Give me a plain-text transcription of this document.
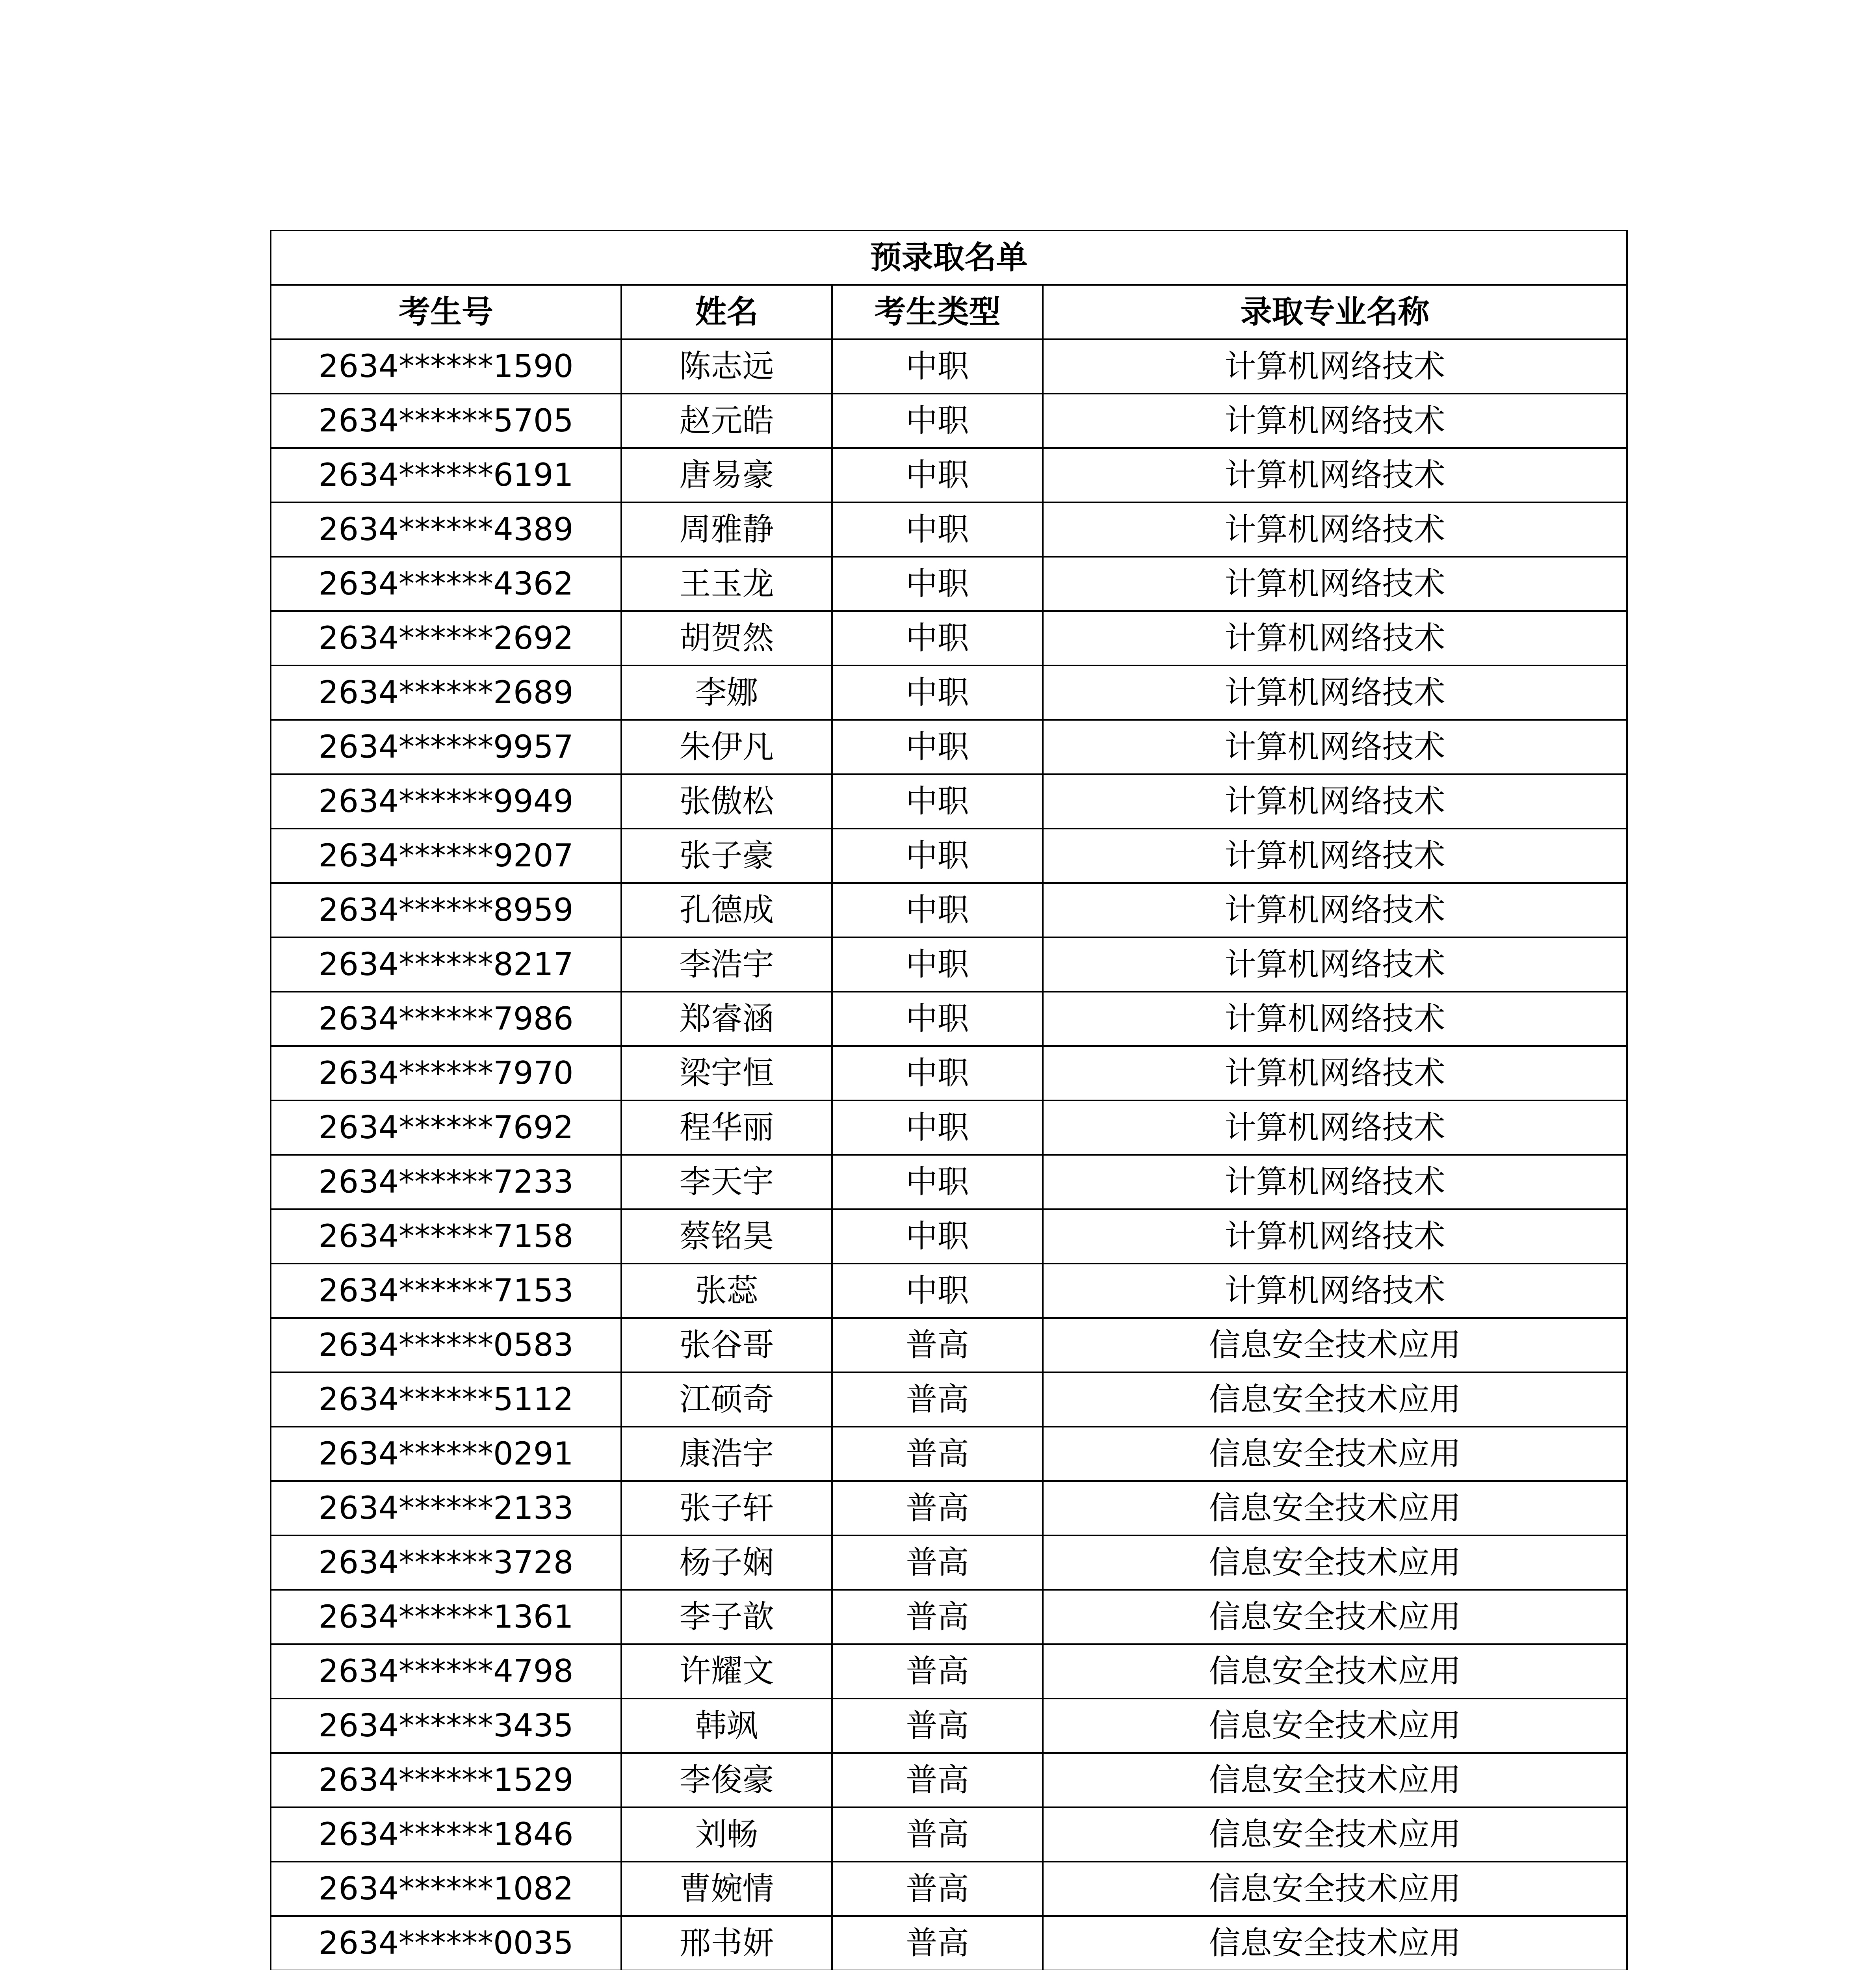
预录取名单			
考生号	姓名	考生类型	录取专业名称
2634******1590	陈志远	中职	计算机网络技术
2634******5705	赵元皓	中职	计算机网络技术
2634******6191	唐易豪	中职	计算机网络技术
2634******4389	周雅静	中职	计算机网络技术
2634******4362	王玉龙	中职	计算机网络技术
2634******2692	胡贺然	中职	计算机网络技术
2634******2689	李娜	中职	计算机网络技术
2634******9957	朱伊凡	中职	计算机网络技术
2634******9949	张傲松	中职	计算机网络技术
2634******9207	张子豪	中职	计算机网络技术
2634******8959	孔德成	中职	计算机网络技术
2634******8217	李浩宇	中职	计算机网络技术
2634******7986	郑睿涵	中职	计算机网络技术
2634******7970	梁宇恒	中职	计算机网络技术
2634******7692	程华丽	中职	计算机网络技术
2634******7233	李天宇	中职	计算机网络技术
2634******7158	蔡铭昊	中职	计算机网络技术
2634******7153	张蕊	中职	计算机网络技术
2634******0583	张谷哥	普高	信息安全技术应用
2634******5112	江硕奇	普高	信息安全技术应用
2634******0291	康浩宇	普高	信息安全技术应用
2634******2133	张子轩	普高	信息安全技术应用
2634******3728	杨子娴	普高	信息安全技术应用
2634******1361	李子歆	普高	信息安全技术应用
2634******4798	许耀文	普高	信息安全技术应用
2634******3435	韩飒	普高	信息安全技术应用
2634******1529	李俊豪	普高	信息安全技术应用
2634******1846	刘畅	普高	信息安全技术应用
2634******1082	曹婉情	普高	信息安全技术应用
2634******0035	邢书妍	普高	信息安全技术应用
